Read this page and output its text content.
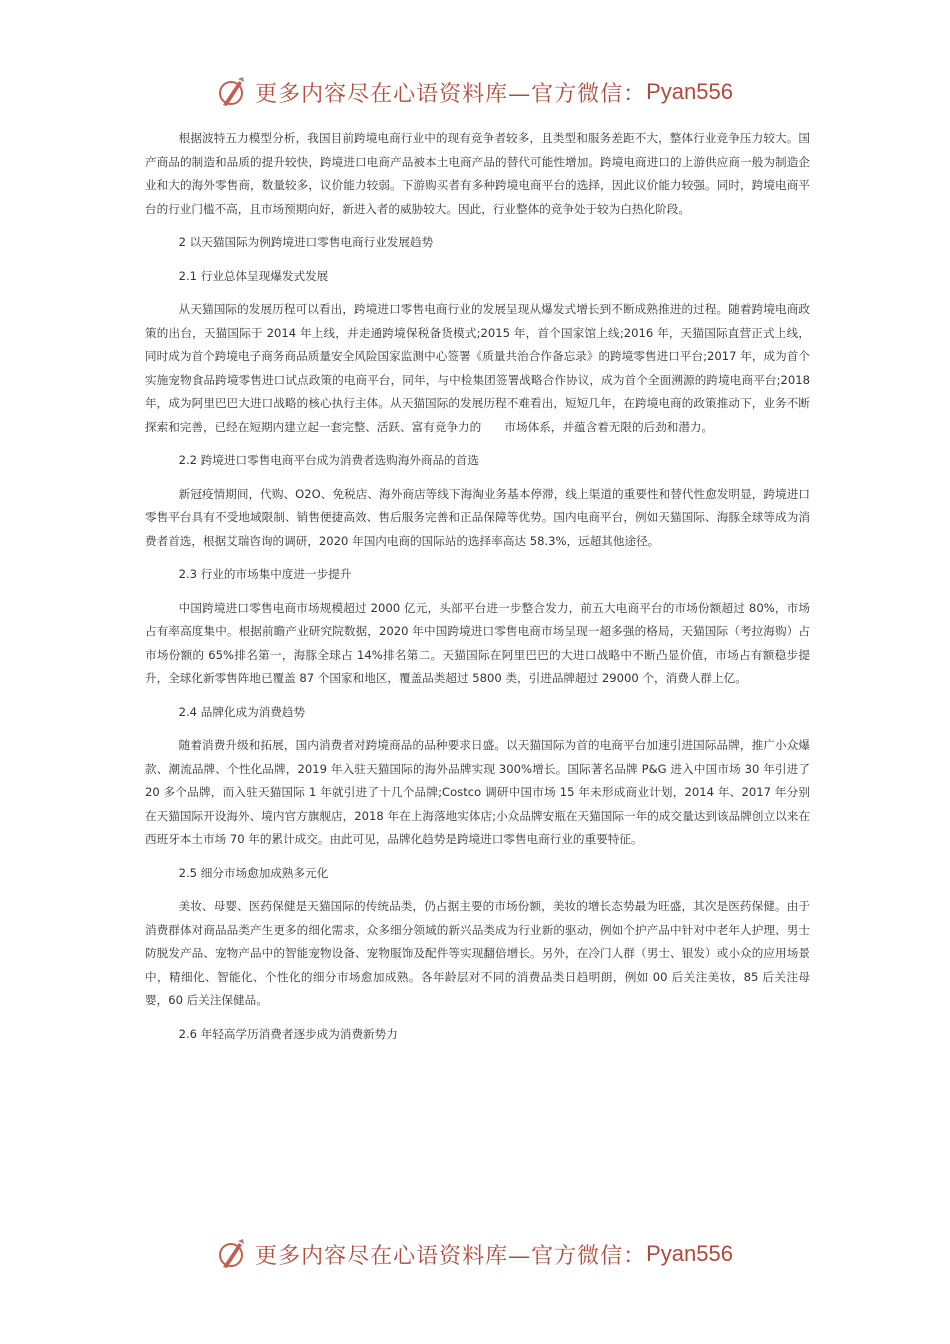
更多内容尽在心语资料库—官方微信： Pyan556

根据波特五力模型分析，我国目前跨境电商行业中的现有竞争者较多，且类型和服务差距不大，整体行业竞争压力较大。国产商品的制造和品质的提升较快，跨境进口电商产品被本土电商产品的替代可能性增加。跨境电商进口的上游供应商一般为制造企业和大的海外零售商，数量较多，议价能力较弱。下游购买者有多种跨境电商平台的选择，因此议价能力较强。同时，跨境电商平台的行业门槛不高，且市场预期向好，新进入者的威胁较大。因此，行业整体的竞争处于较为白热化阶段。

2 以天猫国际为例跨境进口零售电商行业发展趋势
2.1 行业总体呈现爆发式发展

从天猫国际的发展历程可以看出，跨境进口零售电商行业的发展呈现从爆发式增长到不断成熟推进的过程。随着跨境电商政策的出台，天猫国际于 2014 年上线，并走通跨境保税备货模式;2015 年，首个国家馆上线;2016 年，天猫国际直营正式上线，同时成为首个跨境电子商务商品质量安全风险国家监测中心签署《质量共治合作备忘录》的跨境零售进口平台;2017 年，成为首个实施宠物食品跨境零售进口试点政策的电商平台，同年，与中检集团签署战略合作协议，成为首个全面溯源的跨境电商平台;2018 年，成为阿里巴巴大进口战略的核心执行主体。从天猫国际的发展历程不难看出，短短几年，在跨境电商的政策推动下，业务不断探索和完善，已经在短期内建立起一套完整、活跃、富有竞争力的　　市场体系，并蕴含着无限的后劲和潜力。

2.2 跨境进口零售电商平台成为消费者选购海外商品的首选

新冠疫情期间，代购、O2O、免税店、海外商店等线下海淘业务基本停滞，线上渠道的重要性和替代性愈发明显，跨境进口零售平台具有不受地域限制、销售便捷高效、售后服务完善和正品保障等优势。国内电商平台，例如天猫国际、海豚全球等成为消费者首选，根据艾瑞咨询的调研，2020 年国内电商的国际站的选择率高达 58.3%，远超其他途径。

2.3 行业的市场集中度进一步提升

中国跨境进口零售电商市场规模超过 2000 亿元，头部平台进一步整合发力，前五大电商平台的市场份额超过 80%，市场占有率高度集中。根据前瞻产业研究院数据，2020 年中国跨境进口零售电商市场呈现一超多强的格局，天猫国际（考拉海购）占市场份额的 65%排名第一，海豚全球占 14%排名第二。天猫国际在阿里巴巴的大进口战略中不断凸显价值，市场占有额稳步提升，全球化新零售阵地已覆盖 87 个国家和地区，覆盖品类超过 5800 类，引进品牌超过 29000 个，消费人群上亿。

2.4 品牌化成为消费趋势

随着消费升级和拓展，国内消费者对跨境商品的品种要求日盛。以天猫国际为首的电商平台加速引进国际品牌，推广小众爆款、潮流品牌、个性化品牌，2019 年入驻天猫国际的海外品牌实现 300%增长。国际著名品牌 P&G 进入中国市场 30 年引进了 20 多个品牌，而入驻天猫国际 1 年就引进了十几个品牌;Costco 调研中国市场 15 年未形成商业计划，2014 年、2017 年分别在天猫国际开设海外、境内官方旗舰店，2018 年在上海落地实体店;小众品牌安瓶在天猫国际一年的成交量达到该品牌创立以来在西班牙本土市场 70 年的累计成交。由此可见，品牌化趋势是跨境进口零售电商行业的重要特征。

2.5 细分市场愈加成熟多元化

美妆、母婴、医药保健是天猫国际的传统品类，仍占据主要的市场份额，美妆的增长态势最为旺盛，其次是医药保健。由于消费群体对商品品类产生更多的细化需求，众多细分领域的新兴品类成为行业新的驱动，例如个护产品中针对中老年人护理、男士防脱发产品、宠物产品中的智能宠物设备、宠物服饰及配件等实现翻倍增长。另外，在冷门人群（男士、银发）或小众的应用场景中，精细化、智能化、个性化的细分市场愈加成熟。各年龄层对不同的消费品类日趋明朗，例如 00 后关注美妆，85 后关注母婴，60 后关注保健品。

2.6 年轻高学历消费者逐步成为消费新势力
更多内容尽在心语资料库—官方微信： Pyan556
